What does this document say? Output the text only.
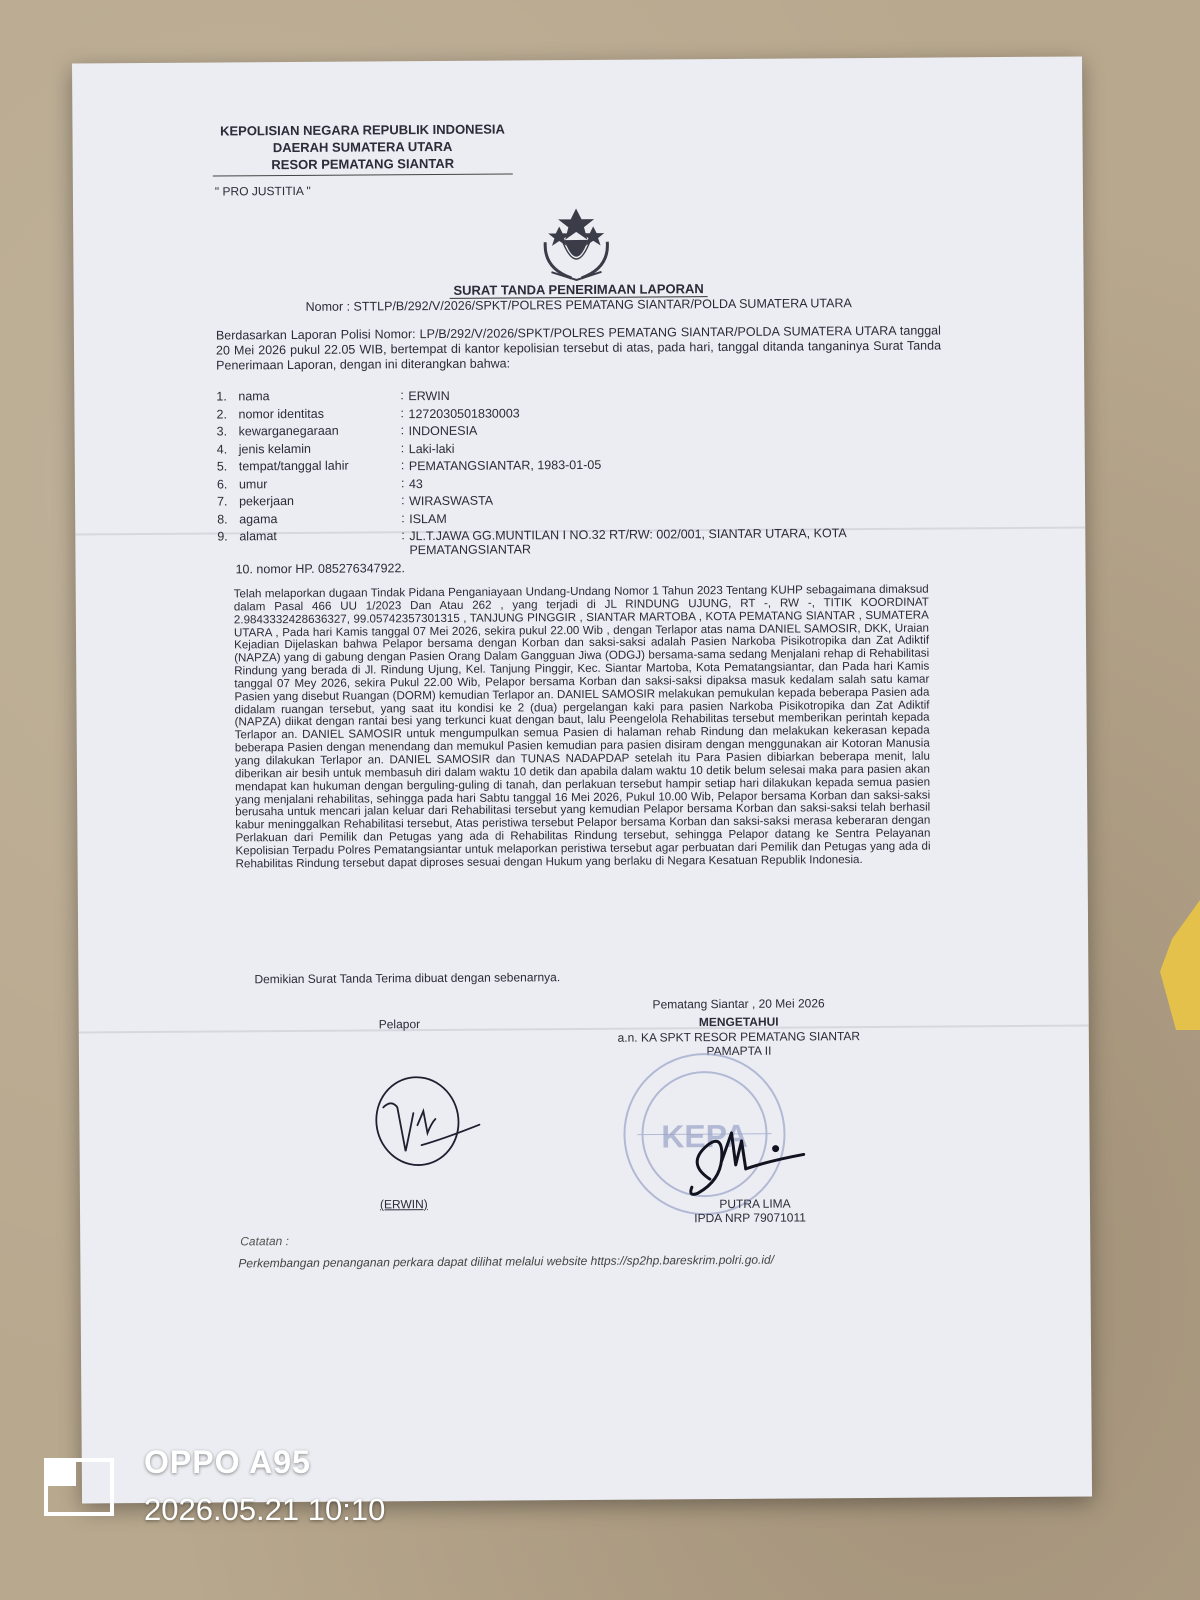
KEPOLISIAN NEGARA REPUBLIK INDONESIA
DAERAH SUMATERA UTARA
RESOR PEMATANG SIANTAR
" PRO JUSTITIA "
SURAT TANDA PENERIMAAN LAPORAN
Nomor : STTLP/B/292/V/2026/SPKT/POLRES PEMATANG SIANTAR/POLDA SUMATERA UTARA
Berdasarkan Laporan Polisi Nomor: LP/B/292/V/2026/SPKT/POLRES PEMATANG SIANTAR/POLDA SUMATERA UTARA tanggal 20 Mei 2026 pukul 22.05 WIB, bertempat di kantor kepolisian tersebut di atas, pada hari, tanggal ditanda tanganinya Surat Tanda Penerimaan Laporan, dengan ini diterangkan bahwa:
1. nama	: ERWIN
2. nomor identitas	: 1272030501830003
3. kewarganegaraan	: INDONESIA
4. jenis kelamin	: Laki-laki
5. tempat/tanggal lahir	: PEMATANGSIANTAR, 1983-01-05
6. umur	: 43
7. pekerjaan	: WIRASWASTA
8. agama	: ISLAM
9. alamat	: JL.T.JAWA GG.MUNTILAN I NO.32 RT/RW: 002/001, SIANTAR UTARA, KOTA PEMATANGSIANTAR
10. nomor HP. 085276347922.
Telah melaporkan dugaan Tindak Pidana Penganiayaan Undang-Undang Nomor 1 Tahun 2023 Tentang KUHP sebagaimana dimaksud dalam Pasal 466 UU 1/2023 Dan Atau 262 , yang terjadi di JL RINDUNG UJUNG, RT -, RW -, TITIK KOORDINAT 2.9843332428636327, 99.05742357301315 , TANJUNG PINGGIR , SIANTAR MARTOBA , KOTA PEMATANG SIANTAR , SUMATERA UTARA , Pada hari Kamis tanggal 07 Mei 2026, sekira pukul 22.00 Wib , dengan Terlapor atas nama DANIEL SAMOSIR, DKK, Uraian Kejadian Dijelaskan bahwa Pelapor bersama dengan Korban dan saksi-saksi adalah Pasien Narkoba Pisikotropika dan Zat Adiktif (NAPZA) yang di gabung dengan Pasien Orang Dalam Gangguan Jiwa (ODGJ) bersama-sama sedang Menjalani rehap di Rehabilitasi Rindung yang berada di Jl. Rindung Ujung, Kel. Tanjung Pinggir, Kec. Siantar Martoba, Kota Pematangsiantar, dan Pada hari Kamis tanggal 07 Mey 2026, sekira Pukul 22.00 Wib, Pelapor bersama Korban dan saksi-saksi dipaksa masuk kedalam salah satu kamar Pasien yang disebut Ruangan (DORM) kemudian Terlapor an. DANIEL SAMOSIR melakukan pemukulan kepada beberapa Pasien ada didalam ruangan tersebut, yang saat itu kondisi ke 2 (dua) pergelangan kaki para pasien Narkoba Pisikotropika dan Zat Adiktif (NAPZA) diikat dengan rantai besi yang terkunci kuat dengan baut, lalu Peengelola Rehabilitas tersebut memberikan perintah kepada Terlapor an. DANIEL SAMOSIR untuk mengumpulkan semua Pasien di halaman rehab Rindung dan melakukan kekerasan kepada beberapa Pasien dengan menendang dan memukul Pasien kemudian para pasien disiram dengan menggunakan air Kotoran Manusia yang dilakukan Terlapor an. DANIEL SAMOSIR dan TUNAS NADAPDAP setelah itu Para Pasien dibiarkan beberapa menit, lalu diberikan air besih untuk membasuh diri dalam waktu 10 detik dan apabila dalam waktu 10 detik belum selesai maka para pasien akan mendapat kan hukuman dengan berguling-guling di tanah, dan perlakuan tersebut hampir setiap hari dilakukan kepada semua pasien yang menjalani rehabilitas, sehingga pada hari Sabtu tanggal 16 Mei 2026, Pukul 10.00 Wib, Pelapor bersama Korban dan saksi-saksi berusaha untuk mencari jalan keluar dari Rehabilitasi tersebut yang kemudian Pelapor bersama Korban dan saksi-saksi telah berhasil kabur meninggalkan Rehabilitasi tersebut, Atas peristiwa tersebut Pelapor bersama Korban dan saksi-saksi merasa keberaran dengan Perlakuan dari Pemilik dan Petugas yang ada di Rehabilitas Rindung tersebut, sehingga Pelapor datang ke Sentra Pelayanan Kepolisian Terpadu Polres Pematangsiantar untuk melaporkan peristiwa tersebut agar perbuatan dari Pemilik dan Petugas yang ada di Rehabilitas Rindung tersebut dapat diproses sesuai dengan Hukum yang berlaku di Negara Kesatuan Republik Indonesia.
Demikian Surat Tanda Terima dibuat dengan sebenarnya.
Pematang Siantar , 20 Mei 2026
Pelapor	MENGETAHUI
a.n. KA SPKT RESOR PEMATANG SIANTAR
PAMAPTA II
(ERWIN)
KEPA
PUTRA LIMA
IPDA NRP 79071011
Catatan :
Perkembangan penanganan perkara dapat dilihat melalui website https://sp2hp.bareskrim.polri.go.id/
OPPO A95
2026.05.21 10:10
